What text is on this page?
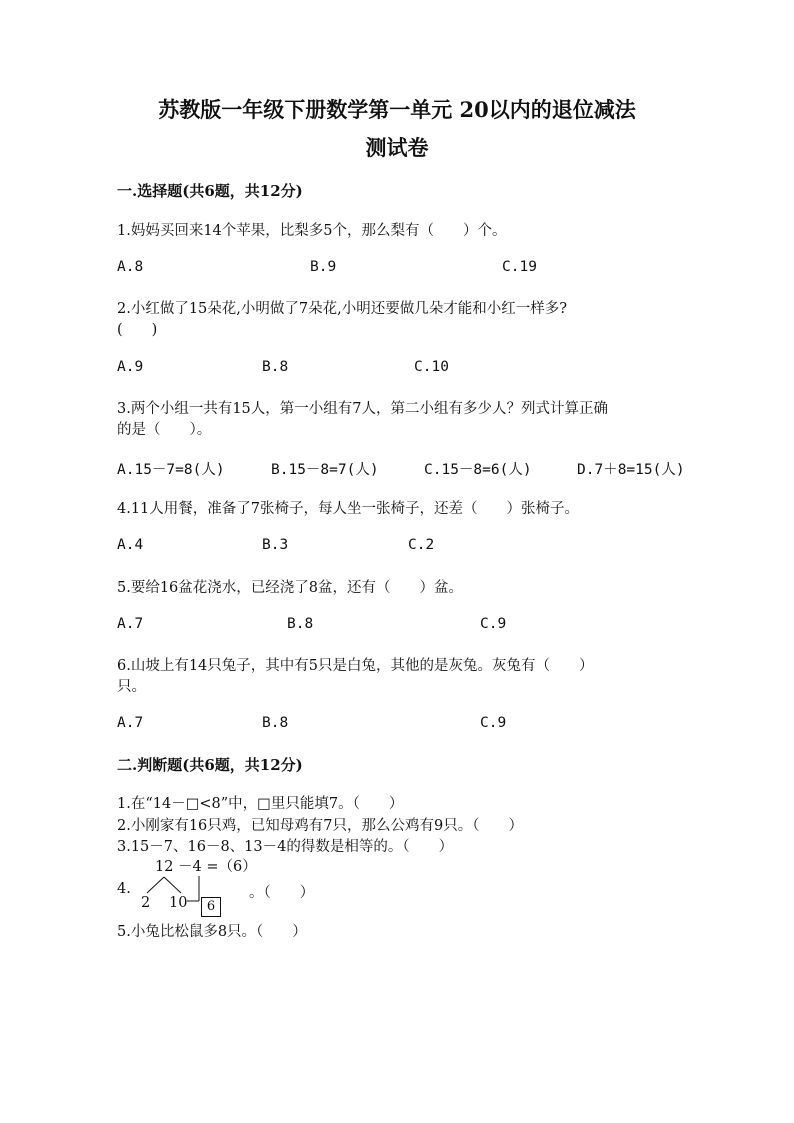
苏教版一年级下册数学第一单元 20以内的退位减法
测试卷
一.选择题(共6题，共12分)
1.妈妈买回来14个苹果，比梨多5个，那么梨有（　　）个。
A.8	B.9	C.19
2.小红做了15朵花,小明做了7朵花,小明还要做几朵才能和小红一样多?
(　　)
A.9	B.8	C.10
3.两个小组一共有15人，第一小组有7人，第二小组有多少人？列式计算正确
的是（　　）。
A.15－7=8(人)	B.15－8=7(人)	C.15－8=6(人)	D.7＋8=15(人)
4.11人用餐，准备了7张椅子，每人坐一张椅子，还差（　　）张椅子。
A.4	B.3	C.2
5.要给16盆花浇水，已经浇了8盆，还有（　　）盆。
A.7	B.8	C.9
6.山坡上有14只兔子，其中有5只是白兔，其他的是灰兔。灰兔有（　　）
只。
A.7	B.8	C.9
二.判断题(共6题，共12分)
1.在“14－□<8”中，□里只能填7。（　　）
2.小刚家有16只鸡，已知母鸡有7只，那么公鸡有9只。（　　）
3.15－7、16－8、13－4的得数是相等的。（　　）
12 －4 =（6）
4.
2 10	6
。（　　）
5.小兔比松鼠多8只。（　　）
